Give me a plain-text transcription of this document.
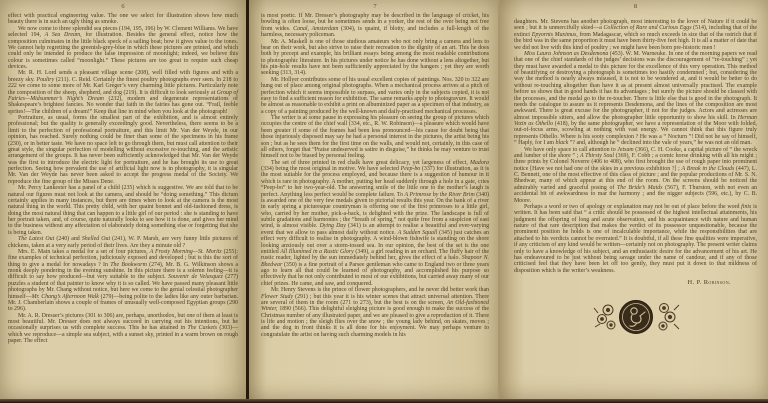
6

effect with practical engineering value. The one we select for illustration shows how much beauty there is in such an ugly thing as smoke.

We now come to three splendid sea pieces (194, 195, 196) by W. Clement Williams. We have selected 194, A Sea Dream, for illustration. Besides the general effect, notice how the composition culminates in the little black speck of a sailing boat; how it gives value to the tones. We cannot help regretting the greenish-grey-blue in which these pictures are printed, and which could only be intended to produce the false impression of moonlight; indeed, we believe this colour is sometimes called “moonlight.” These pictures are too great to require such cheap devices.

Mr. R. H. Lord sends a pleasant village scene (208), well filled with figures and with a breezy sky. Poultry (211). C. Reid. Certainly the finest poultry photographs ever seen. In 218 to 222 we come to some more of Mr. Karl Greger’s very charming little pictures. Particularly note the composition of the sheep, shepherd, and dog (219). It is difficult to look seriously at Group of Fairies—Midsummer’s Night’s Dream (232), modern and degenerate representations of Shakespeare’s brightest fancies. No wonder that faith in the fairies has gone out. “Frail, feeble sprites!—The children of a dream!” Keep that line in mind when you look at the photograph!

Portraiture, as usual, forms the smallest part of the exhibition, and is almost entirely professional; but the quality is generally exceedingly good. Nevertheless, there seems to be a limit to the perfection of professional portraiture, and this limit Mr. Van der Weyde, in our opinion, has reached. Surely nothing could be finer than some of the specimens in his frame (230), or in better taste. We have no space left to go through them, but must call attention to their great style, the singular perfection of modelling without excessive re-touching, and the artistic arrangement of the groups. It has never been sufficiently acknowledged that Mr. Van der Weyde was the first to introduce the electric light for portraiture, and he has brought its use to great perfection. Seeing how prevalent the use of artificial light now is in photography, it is singular Mr. Van der Weyde has never been asked to accept the progress medal of the Society. We reproduce the fine group of the Misses Dene.

Mr. Percy Lankester has a panel of a child (235) which is suggestive. We are told that to be natural our figures must not look at the camera, and should be “doing something.” This dictum certainly applies in many instances, but there are times when to look at the camera is the most natural thing in the world. This pretty child, with her quaint bonnet and old-fashioned dress, is doing the most natural thing that can happen to a little girl of our period : she is standing to have her portrait taken, and, of course, quite naturally looks to see how it is done, and gives her mind to the business without any affectation of elaborately doing something else or forgetting that she is being taken.

The Latest Out (240) and Shelled Out (241), W. P. Marsh, are very funny little pictures of chickens, taken at a very early period of their lives. Are they a minute old ?

Mrs. E. Main takes a medal for a set of four pictures, A Frosty Morning—St. Moritz (255): fine examples of technical perfection, judiciously exposed and developed ; but is this the sort of thing to give a medal for nowadays ? In The Bookworm (274), Mr. B. G. Wilkinson shows a monk deeply pondering in the evening sunshine. In this picture there is a solemn feeling—it is difficult to say how produced—but very suitable to the subject. Souvenir de Velasquez (277) puzzles a student of that painter to know why it is so called. We have passed many pleasant little photographs by Mr. Chang without notice, but here we come to the genial celestial photographer himself—Mr. Chang’s Afternoon Walk (279)—being polite to the ladies like any outer barbarian. Mr. J. Chamberlain shows a couple of frames of unusually well-composed Egyptian groups (290 to 296).

Mr. A. R. Dresser’s pictures (301 to 306) are, perhaps, unorthodox, but one of them at least is most beautiful. Mr. Dresser does not always succeed in carrying out his intentions, but he occasionally surprises us with complete success. This he has attained in The Caskets (303)—which we reproduce—a simple sea subject, with a sunset sky, printed in a warm brown on rough paper. The effect

7

is most poetic. If Mr. Dresser’s photography may be described in the language of cricket, his bowling is often loose, but he sometimes sends in a yorker, the rest of the over being not free from wides. Canal, Amsterdam (304), is quaint, if blotty, and includes a full-length of the harmless, necessary policeman.

Mr. A. Maskell is one of those studious amateurs who not only bring a camera and lens to bear on their work, but also strive to raise their recreation to the dignity of an art. This he does both by precept and example, his brilliant essays being among the most readable contributions to photographic literature. In his pictures under notice he has done without a lens altogether, but his pin-hole results have not been sufficiently appreciated by the hangers ; yet they are worth seeking (313, 314).

Mr. Hollyer contributes some of his usual excellent copies of paintings. Nos. 320 to 322 are hung out of place among original photographs. When a mechanical process arrives at a pitch of perfection which it seems impossible to surpass, and varies only in the subjects copied, it is not easy to find a sufficient reason for exhibition. The same remarks apply to photogravure. It would be almost as reasonable to exhibit a print on albuminized paper as a specimen of that industry, as a copy of a painting produced by the well-known and daily-practised mechanical processes.

The writer is at some pause in expressing his pleasure on seeing the group of pictures which occupies the centre of the chief wall (334, etc., R. W. Robinson)—a pleasure which would have been greater if some of the frames had been less pronounced—his cause for doubt being that those injuriously disposed may say he had a personal interest in the pictures, the artist being his son ; but as he sees them for the first time on the walls, and would not, certainly, in this case of all others, forget that “Praise undeserved is satire in disguise,” he thinks he may venture to trust himself not to be biased by personal feeling.

The set of three printed in red chalk have great delicacy, yet largeness of effect, Madora (334) being the most original in motive. We have selected Peep-bo (337) for illustration, as it is the most suitable for the process employed, and because there is a suggestion of humour in it which is rare in photography. A mother, putting her head suddenly through a hole in a gate, cries “Peep-bo” to her two-year-old. The answering smile of the little one to the mother’s laugh is perfect. Anything less perfect would be complete failure. To A Primrose by the River Brim (340) is awarded one of the very few medals given to pictorial results this year. On the bank of a river in early spring a picturesque countryman is offering one of the first primroses to a little girl, who, carried by her mother, pick-a-back, is delighted with the prize. The landscape is full of subtle gradations and harmonies ; the “breath of spring,” not quite free from a suspicion of east wind, is almost visible. Dying Day (341) is an attempt to realise a beautiful and ever-varying event that we allow to pass almost daily without notice. A Sudden Squall (345) just catches an effect very difficult to realise in photography. A wind-blown fishwife is standing on the shore looking anxiously out over a storm-tossed sea. In our opinion, the best of the set is the one entitled All Illumined in a Rustic Glory (349), a girl reading in an orchard. The fluffy hair of the rustic reader, lighted by the sun immediately behind her, gives the effect of a halo. Shapoor N. Bhedwar (350) is a fine portrait of a Parsee gentleman who came to England two or three years ago to learn all that could be learned of photography, and accomplished his purpose so effectively that he not only contributed to most of our exhibitions, but carried away many of our chief prizes. He came, and saw, and conquered.

Mr. Henry Stevens is the prince of flower photographers, and he never did better work than Flower Study (291) ; but this year it is his winter scenes that attract universal attention. There are several of them in the room (271 to 273), but the best is on the screen, An Old-fashioned Winter, 1890 (566). This delightful sleighing picture is good enough to make the success of the Christmas number of any illustrated paper, and we are pleased to give a reproduction of it. There is life and motion ; the sleigh flies over the snow ; the young lady behind, on skates, moves ; and the dog in front thinks it is all done for his enjoyment. We may perhaps venture to congratulate the artist on having such charming models in his

8

daughters. Mr. Stevens has another photograph, most interesting to the lover of Nature if it could be seen ; but it is unmercifully skied—a Collection of Rare and Curious Eggs (514), including that of the extinct Epyornis Maximus, from Madagascar, which so much exceeds in size that of the ostrich that if the bird was in the same proportion it must have been thirty-five feet high. It is all a matter of date that we did not live with this kind of poultry ; we might have been born pre-historic men !

Miss Laura Johnson as Desdemona (453). W. M. Warneuke. In one of the morning papers we read that one of the chief standards of the judges’ decisions was the discouragement of “re-touching” ; yet they must have awarded a medal to this picture for the excellence of this very operation. This method of beautifying or destroying a photograph is sometimes too hastily condemned ; but, considering the way the method is nearly always misused, it is not to be wondered at, and it would be better to do without re-touching altogether than have it as at present almost universally practised. The example before us shows that in good hands it has its advantages ; but surely the picture should be classed with the processes, and the medal go to the re-toucher. There is little else that is good in the photograph. It needs the catalogue to assure us it represents Desdemona, and the lines of the composition are most awkward. There is great excuse for the photographer, if not for the judges. Actors and actresses are almost impossible sitters, and allow the photographer little opportunity to show his skill. In Herman Vezin as Othello (418), by the same photographer, we have a representation of the Moor with folded, out-of-focus arms, scowling at nothing with vast energy. We cannot think that this figure truly represents Othello. Where is his sooty complexion ? He was a “ Nocturn ”! Did not he say of himself, “ Haply, for I am black ”? and, although he “ declined into the vale of years,” he was not an old man.

We have only space to call attention to Jetsam (366), C. H. Cooke, a capital picture of “ the wreck and lumber of the shore ” ; A Thirsty Soul (369), F. Cobb ; a comic horse drinking with all his might ; three prints by Colonel Noverre (406 to 408), who first brought the use of rough paper into prominent notice [Have we not had one of the skies in a previous exhibition ?] ; A Break in the Clouds (447), L. C. Bennett, one of the most effective of this class of picture ; and the popular productions of Mr. S. N. Bhedwar, many of which appear at this end of the room. On the screens should be noticed the admirably varied and graceful posing of The Bride’s Maids (567), F. Thurston, with not even an accidental bit of awkwardness to mar the harmony ; and the nigger subjects (596, etc.), by C. B. Moore.

Perhaps a word or two of apology or explanation may not be out of place before the word finis is written. It has been said that “ a critic should be possessed of the highest intellectual attainments, his judgment the offspring of long and acute observation, and his acquaintance with nature and human nature of that rare description that makes the verdict of its possessor unquestionable, because the prominent position he holds is one of incalculable importance, while the responsibilities that are attached to his verdicts cannot be overrated.” It is doubtful, if all these fine qualities were imperative, if any criticism of any kind would be written—certainly not on photography. The present writer claims only to have a knowledge of his subject, and an enthusiastic desire for the advancement of his art. He has endeavoured to be just without being savage under the name of candour, and if any of those criticised feel that they have been let off too gently, they must put it down to that mildness of disposition which is the writer’s weakness.

H. P. Robinson.
